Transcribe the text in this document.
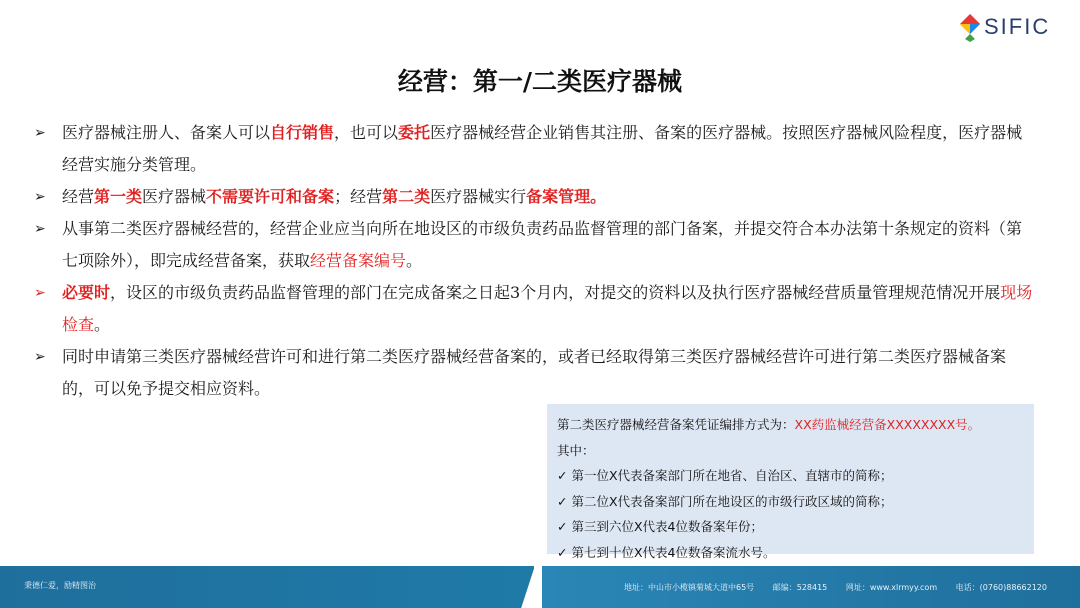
SIFIC
经营：第一/二类医疗器械
➢ 医疗器械注册人、备案人可以自行销售，也可以委托医疗器械经营企业销售其注册、备案的医疗器械。按照医疗器械风险程度，医疗器械经营实施分类管理。
➢ 经营第一类医疗器械不需要许可和备案；经营第二类医疗器械实行备案管理。
➢ 从事第二类医疗器械经营的，经营企业应当向所在地设区的市级负责药品监督管理的部门备案，并提交符合本办法第十条规定的资料（第七项除外），即完成经营备案，获取经营备案编号。
➢ 必要时，设区的市级负责药品监督管理的部门在完成备案之日起3个月内，对提交的资料以及执行医疗器械经营质量管理规范情况开展现场检查。
➢ 同时申请第三类医疗器械经营许可和进行第二类医疗器械经营备案的，或者已经取得第三类医疗器械经营许可进行第二类医疗器械备案的，可以免予提交相应资料。
第二类医疗器械经营备案凭证编排方式为：XX药监械经营备XXXXXXXX号。
其中：
✓ 第一位X代表备案部门所在地省、自治区、直辖市的简称；
✓ 第二位X代表备案部门所在地设区的市级行政区域的简称；
✓ 第三到六位X代表4位数备案年份；
✓ 第七到十位X代表4位数备案流水号。
秉德仁爱，励精图治	地址：中山市小榄镇菊城大道中65号 邮编：528415 网址：www.xlrmyy.com 电话：(0760)88662120
